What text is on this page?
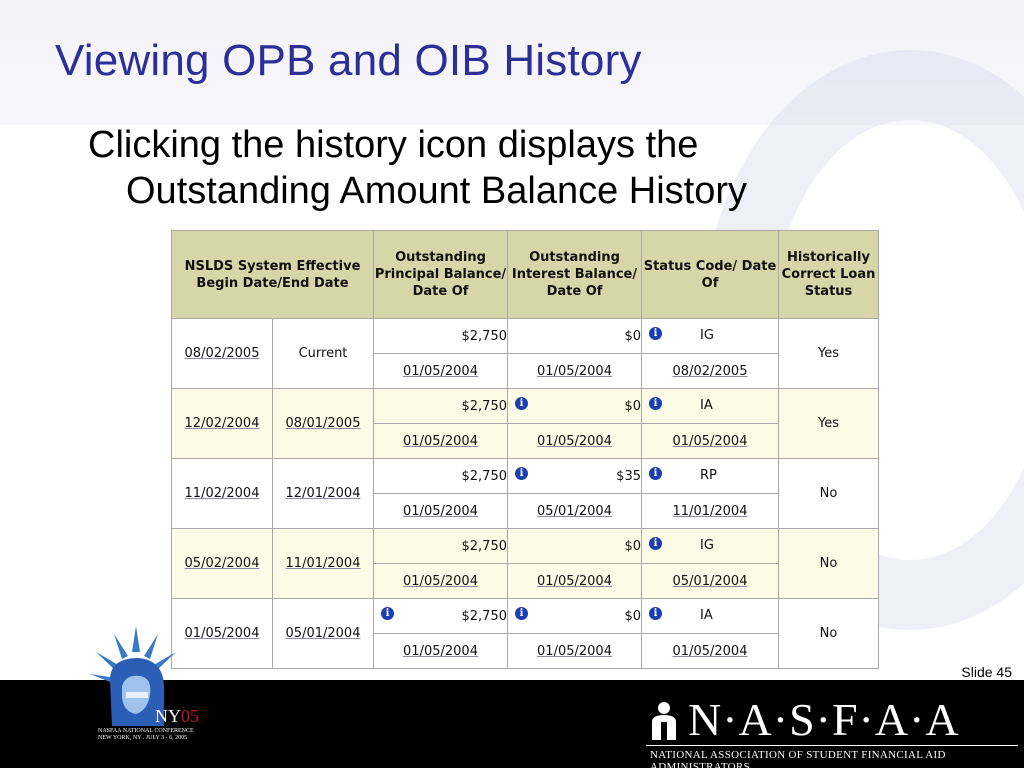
Viewing OPB and OIB History

Clicking the history icon displays the
Outstanding Amount Balance History

NSLDS System Effective Begin Date/End Date		Outstanding Principal Balance/ Date Of	Outstanding Interest Balance/ Date Of	Status Code/ Date Of	Historically Correct Loan Status
08/02/2005	Current	$2,750	$0	i IG	Yes
		01/05/2004	01/05/2004	08/02/2005	
12/02/2004	08/01/2005	$2,750	i $0	i IA	Yes
		01/05/2004	01/05/2004	01/05/2004	
11/02/2004	12/01/2004	$2,750	i $35	i RP	No
		01/05/2004	05/01/2004	11/01/2004	
05/02/2004	11/01/2004	$2,750	$0	i IG	No
		01/05/2004	01/05/2004	05/01/2004	
01/05/2004	05/01/2004	i $2,750	i $0	i IA	No
		01/05/2004	01/05/2004	01/05/2004	
Slide 45
NY05
NASFAA NATIONAL CONFERENCE
NEW YORK, NY . JULY 3 - 6, 2005	N·A·S·F·A·A
NATIONAL ASSOCIATION OF STUDENT FINANCIAL AID ADMINISTRATORS
